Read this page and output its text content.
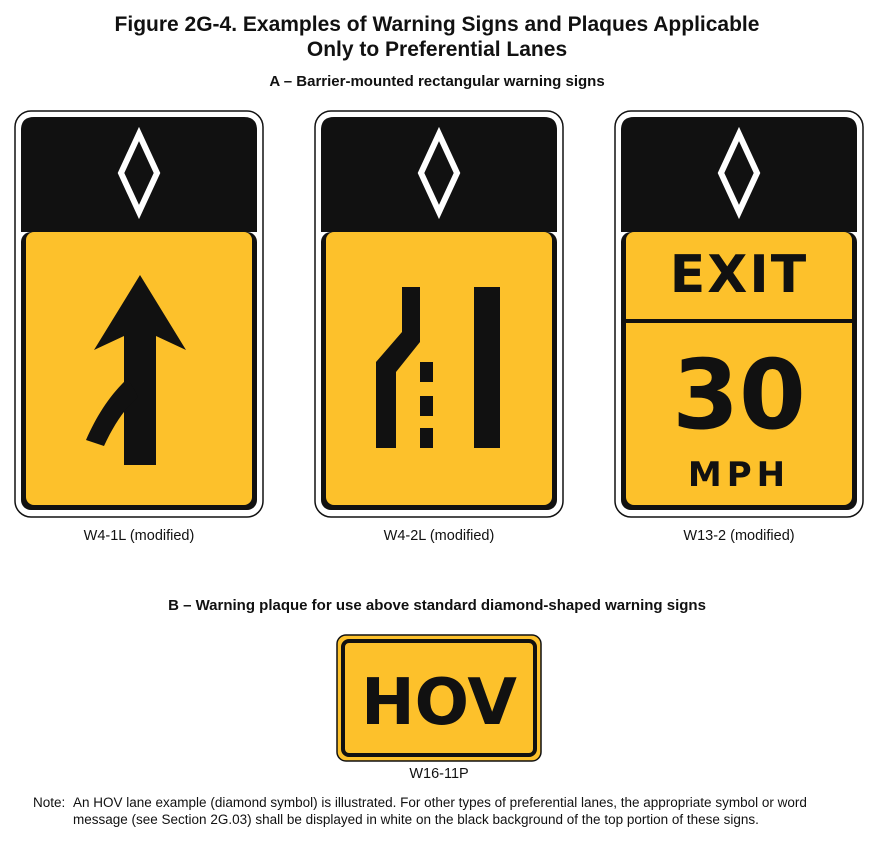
Figure 2G-4. Examples of Warning Signs and Plaques Applicable
Only to Preferential Lanes
A – Barrier-mounted rectangular warning signs
W4-1L (modified)	W4-2L (modified)
EXIT
30
MPH
W13-2 (modified)
B – Warning plaque for use above standard diamond-shaped warning signs
HOV
W16-11P
Note: An HOV lane example (diamond symbol) is illustrated. For other types of preferential lanes, the appropriate symbol or word message (see Section 2G.03) shall be displayed in white on the black background of the top portion of these signs.
